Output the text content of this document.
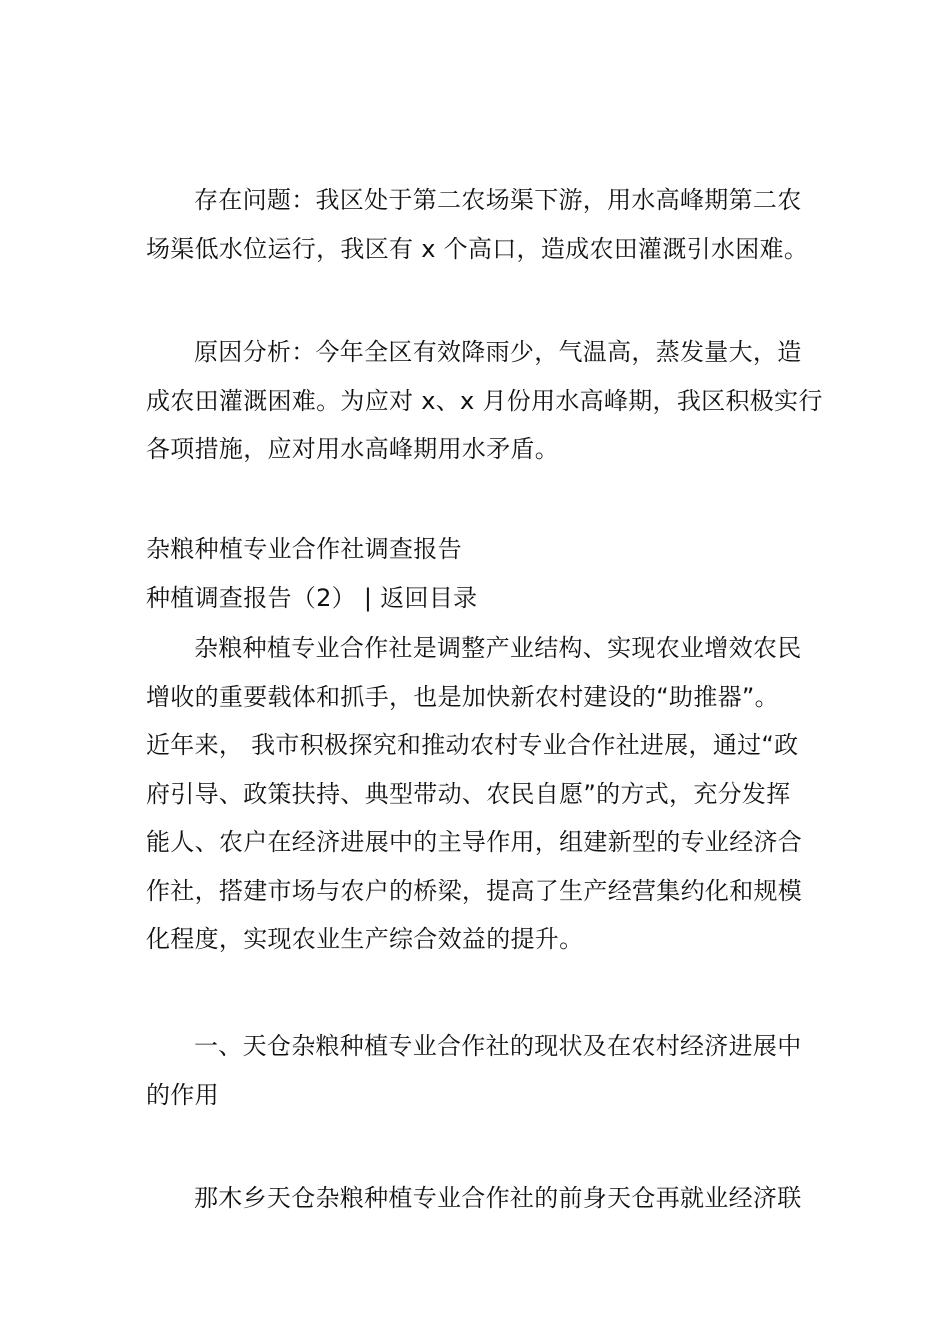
存在问题：我区处于第二农场渠下游，用水高峰期第二农
场渠低水位运行，我区有 x 个高口，造成农田灌溉引水困难。
原因分析：今年全区有效降雨少，气温高，蒸发量大，造
成农田灌溉困难。为应对 x、x 月份用水高峰期，我区积极实行
各项措施，应对用水高峰期用水矛盾。
杂粮种植专业合作社调查报告
种植调查报告（2） | 返回目录
杂粮种植专业合作社是调整产业结构、实现农业增效农民
增收的重要载体和抓手，也是加快新农村建设的“助推器”。
近年来， 我市积极探究和推动农村专业合作社进展，通过“政
府引导、政策扶持、典型带动、农民自愿”的方式，充分发挥
能人、农户在经济进展中的主导作用，组建新型的专业经济合
作社，搭建市场与农户的桥梁，提高了生产经营集约化和规模
化程度，实现农业生产综合效益的提升。
一、天仓杂粮种植专业合作社的现状及在农村经济进展中
的作用
那木乡天仓杂粮种植专业合作社的前身天仓再就业经济联
